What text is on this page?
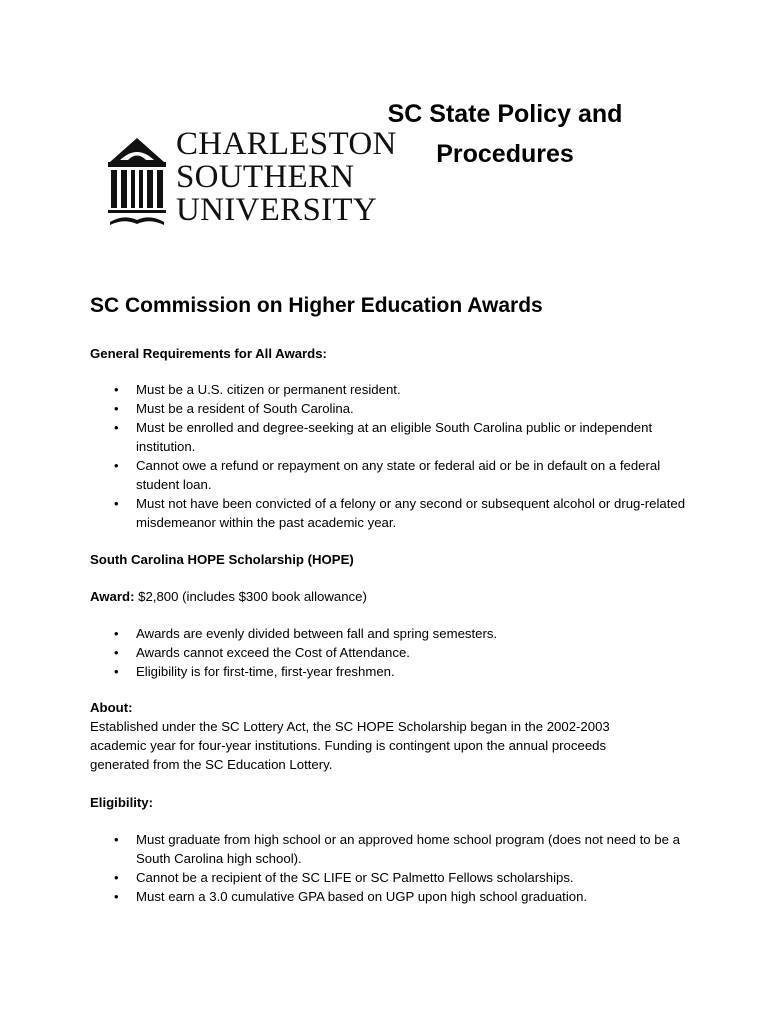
CHARLESTON
SOUTHERN
UNIVERSITY
SC State Policy and
Procedures
SC Commission on Higher Education Awards
General Requirements for All Awards:
• Must be a U.S. citizen or permanent resident.
• Must be a resident of South Carolina.
• Must be enrolled and degree-seeking at an eligible South Carolina public or independent institution.
• Cannot owe a refund or repayment on any state or federal aid or be in default on a federal student loan.
• Must not have been convicted of a felony or any second or subsequent alcohol or drug-related misdemeanor within the past academic year.
South Carolina HOPE Scholarship (HOPE)
Award: $2,800 (includes $300 book allowance)
• Awards are evenly divided between fall and spring semesters.
• Awards cannot exceed the Cost of Attendance.
• Eligibility is for first-time, first-year freshmen.
About:
Established under the SC Lottery Act, the SC HOPE Scholarship began in the 2002-2003 academic year for four-year institutions. Funding is contingent upon the annual proceeds generated from the SC Education Lottery.
Eligibility:
• Must graduate from high school or an approved home school program (does not need to be a South Carolina high school).
• Cannot be a recipient of the SC LIFE or SC Palmetto Fellows scholarships.
• Must earn a 3.0 cumulative GPA based on UGP upon high school graduation.
